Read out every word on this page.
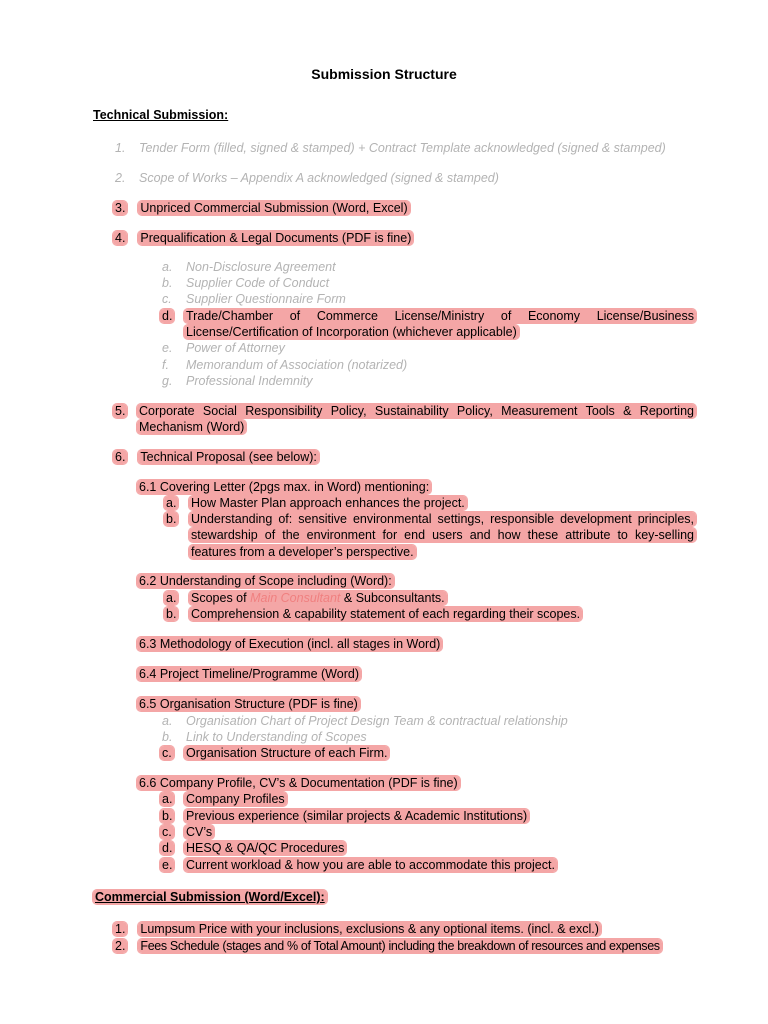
Submission Structure
Technical Submission:
1. Tender Form (filled, signed & stamped) + Contract Template acknowledged (signed & stamped)
2. Scope of Works – Appendix A acknowledged (signed & stamped)
3. Unpriced Commercial Submission (Word, Excel)
4. Prequalification & Legal Documents (PDF is fine)
a. Non-Disclosure Agreement
b. Supplier Code of Conduct
c. Supplier Questionnaire Form
d. Trade/Chamber of Commerce License/Ministry of Economy License/Business
License/Certification of Incorporation (whichever applicable)
e. Power of Attorney
f. Memorandum of Association (notarized)
g. Professional Indemnity
5. Corporate Social Responsibility Policy, Sustainability Policy, Measurement Tools & Reporting
Mechanism (Word)
6. Technical Proposal (see below):
6.1 Covering Letter (2pgs max. in Word) mentioning:
a. How Master Plan approach enhances the project.
b. Understanding of: sensitive environmental settings, responsible development principles,
stewardship of the environment for end users and how these attribute to key-selling
features from a developer’s perspective.
6.2 Understanding of Scope including (Word):
a. Scopes of Main Consultant & Subconsultants.
b. Comprehension & capability statement of each regarding their scopes.
6.3 Methodology of Execution (incl. all stages in Word)
6.4 Project Timeline/Programme (Word)
6.5 Organisation Structure (PDF is fine)
a. Organisation Chart of Project Design Team & contractual relationship
b. Link to Understanding of Scopes
c. Organisation Structure of each Firm.
6.6 Company Profile, CV’s & Documentation (PDF is fine)
a. Company Profiles
b. Previous experience (similar projects & Academic Institutions)
c. CV’s
d. HESQ & QA/QC Procedures
e. Current workload & how you are able to accommodate this project.
Commercial Submission (Word/Excel):
1. Lumpsum Price with your inclusions, exclusions & any optional items. (incl. & excl.)
2. Fees Schedule (stages and % of Total Amount) including the breakdown of resources and expenses
